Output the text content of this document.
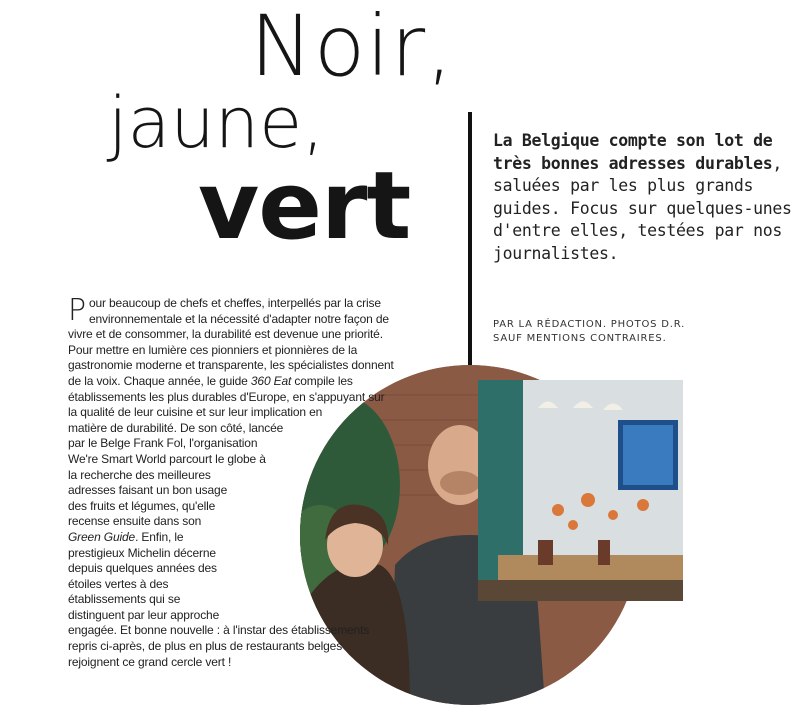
Noir,
jaune,
vert
La Belgique compte son lot de très bonnes adresses durables, saluées par les plus grands guides. Focus sur quelques-unes d'entre elles, testées par nos journalistes.
PAR LA RÉDACTION. PHOTOS D.R.
SAUF MENTIONS CONTRAIRES.

Pour beaucoup de chefs et cheffes, interpellés par la crise environnementale et la nécessité d'adapter notre façon de vivre et de consommer, la durabilité est devenue une priorité. Pour mettre en lumière ces pionniers et pionnières de la gastronomie moderne et transparente, les spécialistes donnent de la voix. Chaque année, le guide 360 Eat compile les établissements les plus durables d'Europe, en s'appuyant sur la qualité de leur cuisine et sur leur implication en matière de durabilité. De son côté, lancée par le Belge Frank Fol, l'organisation We're Smart World parcourt le globe à la recherche des meilleures adresses faisant un bon usage des fruits et légumes, qu'elle recense ensuite dans son Green Guide. Enfin, le prestigieux Michelin décerne depuis quelques années des étoiles vertes à des établissements qui se distinguent par leur approche engagée. Et bonne nouvelle : à l'instar des établissements repris ci-après, de plus en plus de restaurants belges rejoignent ce grand cercle vert !
